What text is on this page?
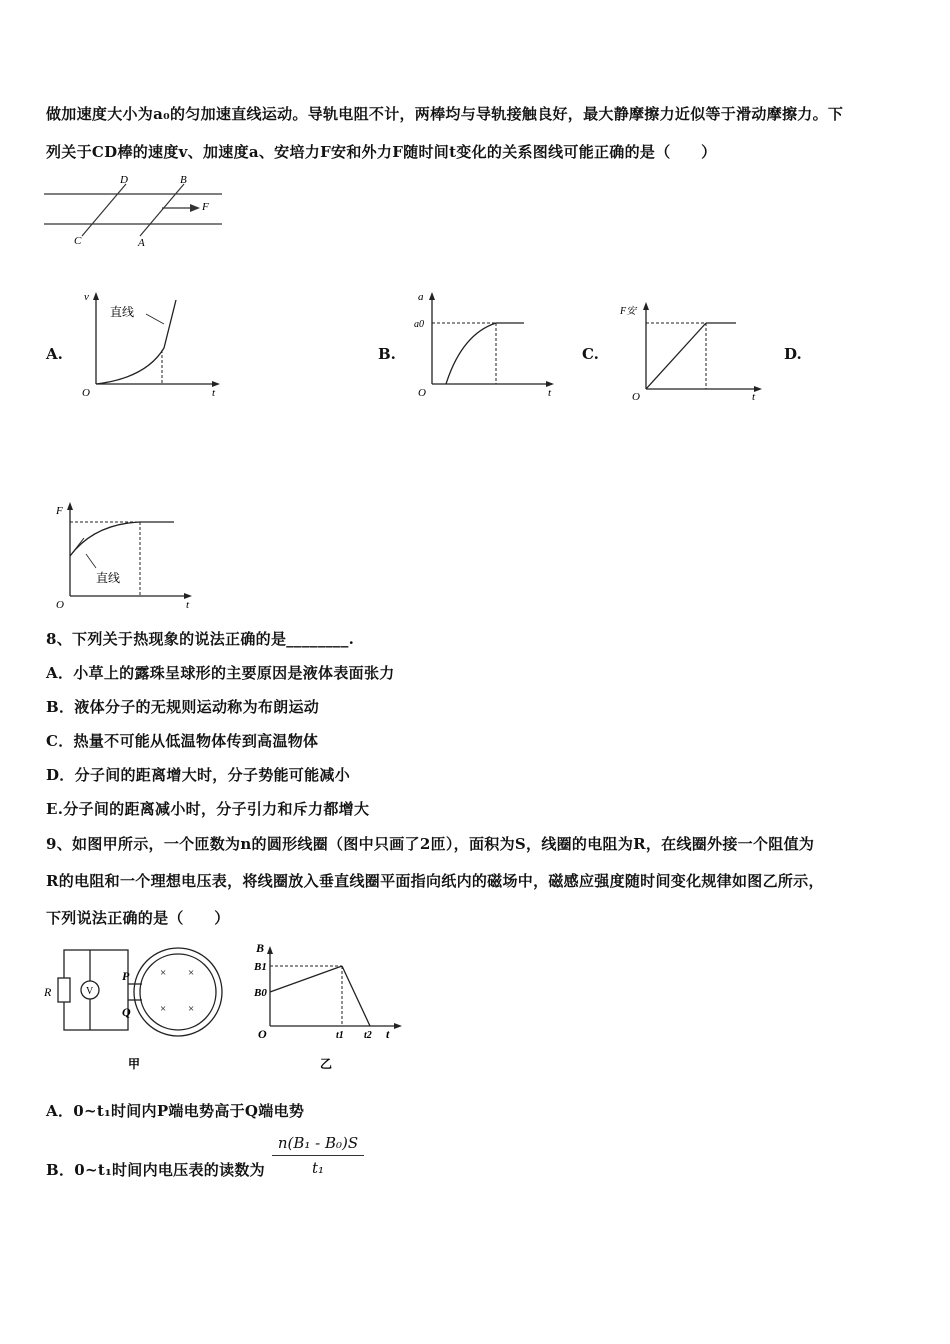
做加速度大小为a₀的匀加速直线运动。导轨电阻不计，两棒均与导轨接触良好，最大静摩擦力近似等于滑动摩擦力。下
列关于CD棒的速度v、加速度a、安培力F安和外力F随时间t变化的关系图线可能正确的是（　　）
D	B
C	A
F
A.	B.	C.	D.
v
t
O
直线
a
a0
t
O
F安
t
O
F
t
O
直线
8、下列关于热现象的说法正确的是________.
A．小草上的露珠呈球形的主要原因是液体表面张力
B．液体分子的无规则运动称为布朗运动
C．热量不可能从低温物体传到高温物体
D．分子间的距离增大时，分子势能可能减小
E.分子间的距离减小时，分子引力和斥力都增大
9、如图甲所示，一个匝数为n的圆形线圈（图中只画了2匝），面积为S，线圈的电阻为R，在线圈外接一个阻值为
R的电阻和一个理想电压表，将线圈放入垂直线圈平面指向纸内的磁场中，磁感应强度随时间变化规律如图乙所示，
下列说法正确的是（　　）
× ×
× ×
R	V
P
Q
甲
B
B1
B0
O	t1 t2 t
乙
A．0~t₁时间内P端电势高于Q端电势
B．0~t₁时间内电压表的读数为 $\frac{\text{n(B₁ - B₀)S}}{\text{t₁}}$
